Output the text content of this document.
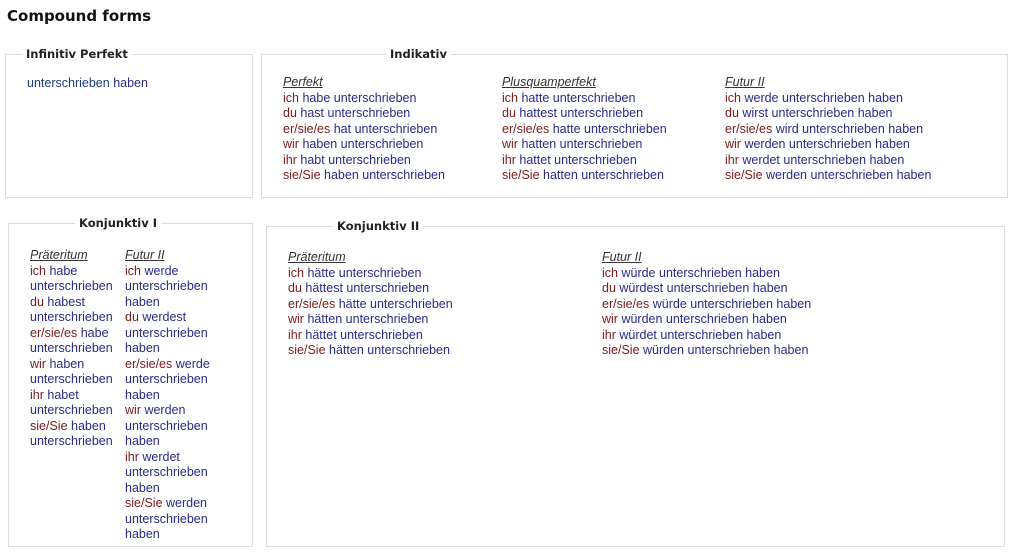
Compound forms
Infinitiv Perfekt
unterschrieben haben
Indikativ
Perfekt
ich habe unterschrieben
du hast unterschrieben
er/sie/es hat unterschrieben
wir haben unterschrieben
ihr habt unterschrieben
sie/Sie haben unterschrieben
Plusquamperfekt
ich hatte unterschrieben
du hattest unterschrieben
er/sie/es hatte unterschrieben
wir hatten unterschrieben
ihr hattet unterschrieben
sie/Sie hatten unterschrieben
Futur II
ich werde unterschrieben haben
du wirst unterschrieben haben
er/sie/es wird unterschrieben haben
wir werden unterschrieben haben
ihr werdet unterschrieben haben
sie/Sie werden unterschrieben haben
Konjunktiv I
Präteritum
ich habe unterschrieben
du habest unterschrieben
er/sie/es habe unterschrieben
wir haben unterschrieben
ihr habet unterschrieben
sie/Sie haben unterschrieben
Futur II
ich werde unterschrieben haben
du werdest unterschrieben haben
er/sie/es werde unterschrieben haben
wir werden unterschrieben haben
ihr werdet unterschrieben haben
sie/Sie werden unterschrieben haben
Konjunktiv II
Präteritum
ich hätte unterschrieben
du hättest unterschrieben
er/sie/es hätte unterschrieben
wir hätten unterschrieben
ihr hättet unterschrieben
sie/Sie hätten unterschrieben
Futur II
ich würde unterschrieben haben
du würdest unterschrieben haben
er/sie/es würde unterschrieben haben
wir würden unterschrieben haben
ihr würdet unterschrieben haben
sie/Sie würden unterschrieben haben
